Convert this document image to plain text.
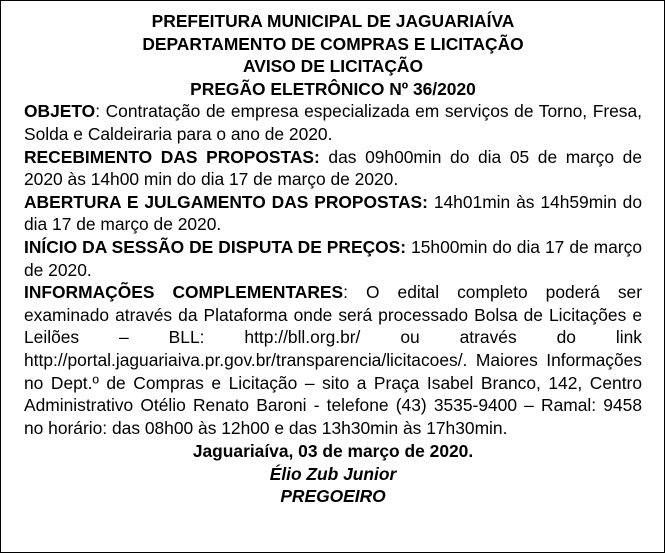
PREFEITURA MUNICIPAL DE JAGUARIAÍVA
DEPARTAMENTO DE COMPRAS E LICITAÇÃO
AVISO DE LICITAÇÃO
PREGÃO ELETRÔNICO Nº 36/2020

OBJETO: Contratação de empresa especializada em serviços de Torno, Fresa, Solda e Caldeiraria para o ano de 2020.

RECEBIMENTO DAS PROPOSTAS: das 09h00min do dia 05 de março de 2020 às 14h00 min do dia 17 de março de 2020.

ABERTURA E JULGAMENTO DAS PROPOSTAS: 14h01min às 14h59min do dia 17 de março de 2020.

INÍCIO DA SESSÃO DE DISPUTA DE PREÇOS: 15h00min do dia 17 de março de 2020.

INFORMAÇÕES COMPLEMENTARES: O edital completo poderá ser examinado através da Plataforma onde será processado Bolsa de Licitações e Leilões – BLL: http://bll.org.br/ ou através do link http://portal.jaguariaiva.pr.gov.br/transparencia/licitacoes/. Maiores Informações no Dept.º de Compras e Licitação – sito a Praça Isabel Branco, 142, Centro Administrativo Otélio Renato Baroni - telefone (43) 3535-9400 – Ramal: 9458 no horário: das 08h00 às 12h00 e das 13h30min às 17h30min.

Jaguariaíva, 03 de março de 2020.
Élio Zub Junior
PREGOEIRO
